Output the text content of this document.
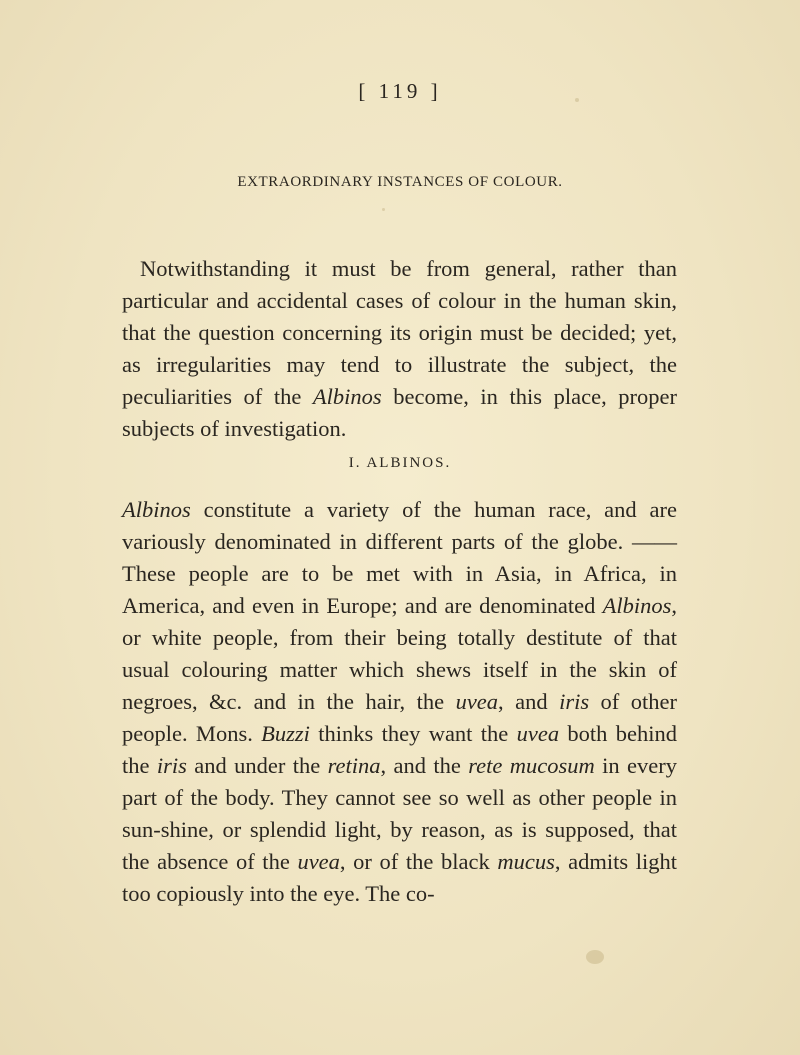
[ 119 ]
EXTRAORDINARY INSTANCES OF COLOUR.

Notwithstanding it must be from general, rather than particular and accidental cases of colour in the human skin, that the question concerning its origin must be decided; yet, as irregularities may tend to illustrate the subject, the peculiarities of the Albinos become, in this place, proper subjects of investigation.

I. ALBINOS.

Albinos constitute a variety of the human race, and are variously denominated in different parts of the globe. —— These people are to be met with in Asia, in Africa, in America, and even in Europe; and are denominated Albinos, or white people, from their being totally destitute of that usual colouring matter which shews itself in the skin of negroes, &c. and in the hair, the uvea, and iris of other people. Mons. Buzzi thinks they want the uvea both behind the iris and under the retina, and the rete mucosum in every part of the body. They cannot see so well as other people in sun-shine, or splendid light, by reason, as is supposed, that the absence of the uvea, or of the black mucus, admits light too copiously into the eye. The co-
